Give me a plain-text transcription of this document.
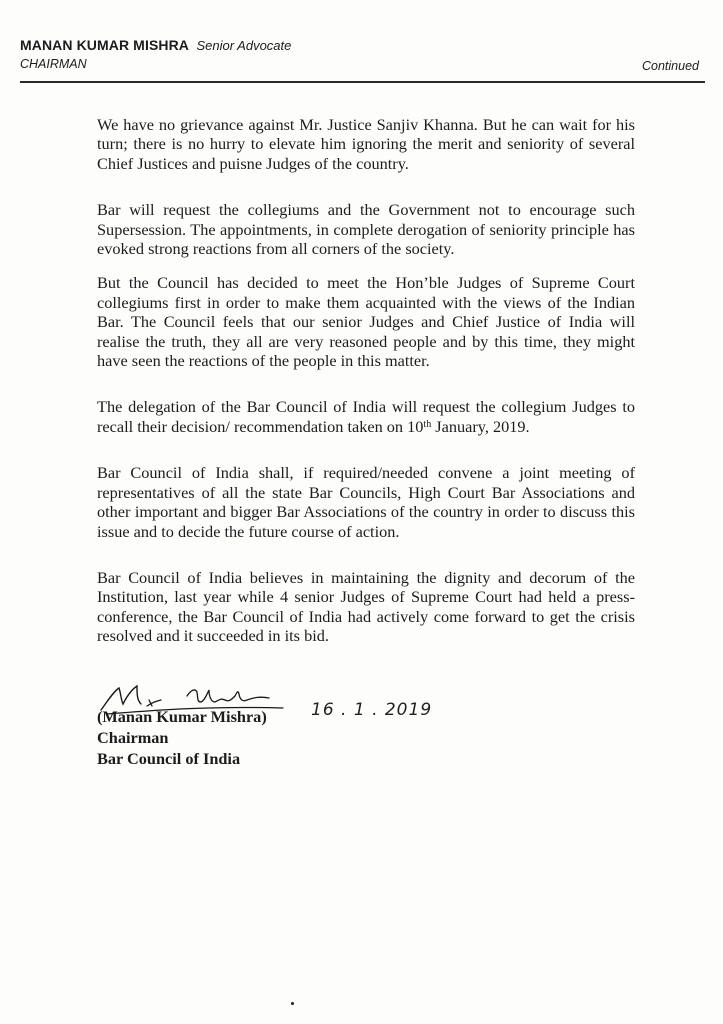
MANAN KUMAR MISHRA Senior Advocate
CHAIRMAN	Continued

We have no grievance against Mr. Justice Sanjiv Khanna. But he can wait for his turn; there is no hurry to elevate him ignoring the merit and seniority of several Chief Justices and puisne Judges of the country.

Bar will request the collegiums and the Government not to encourage such Supersession. The appointments, in complete derogation of seniority principle has evoked strong reactions from all corners of the society.

But the Council has decided to meet the Hon’ble Judges of Supreme Court collegiums first in order to make them acquainted with the views of the Indian Bar. The Council feels that our senior Judges and Chief Justice of India will realise the truth, they all are very reasoned people and by this time, they might have seen the reactions of the people in this matter.

The delegation of the Bar Council of India will request the collegium Judges to recall their decision/ recommendation taken on 10th January, 2019.

Bar Council of India shall, if required/needed convene a joint meeting of representatives of all the state Bar Councils, High Court Bar Associations and other important and bigger Bar Associations of the country in order to discuss this issue and to decide the future course of action.

Bar Council of India believes in maintaining the dignity and decorum of the Institution, last year while 4 senior Judges of Supreme Court had held a press-conference, the Bar Council of India had actively come forward to get the crisis resolved and it succeeded in its bid.

(Manan Kumar Mishra)
Chairman
Bar Council of India
16 . 1 . 2019
